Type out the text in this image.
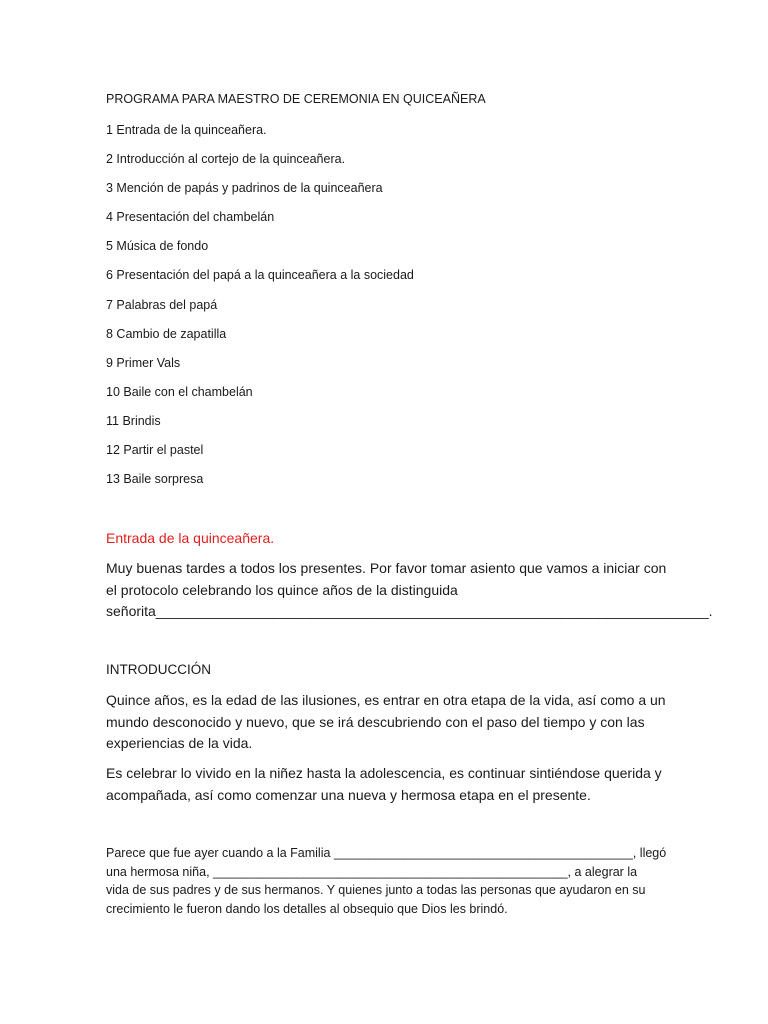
PROGRAMA PARA MAESTRO DE CEREMONIA EN QUICEAÑERA
1 Entrada de la quinceañera.
2 Introducción al cortejo de la quinceañera.
3 Mención de papás y padrinos de la quinceañera
4 Presentación del chambelán
5 Música de fondo
6 Presentación del papá a la quinceañera a la sociedad
7 Palabras del papá
8 Cambio de zapatilla
9 Primer Vals
10 Baile con el chambelán
11 Brindis
12 Partir el pastel
13 Baile sorpresa
Entrada de la quinceañera.
Muy buenas tardes a todos los presentes. Por favor tomar asiento que vamos a iniciar con
el protocolo celebrando los quince años de la distinguida
señorita_______________________________________________________________________.
INTRODUCCIÓN
Quince años, es la edad de las ilusiones, es entrar en otra etapa de la vida, así como a un
mundo desconocido y nuevo, que se irá descubriendo con el paso del tiempo y con las
experiencias de la vida.
Es celebrar lo vivido en la niñez hasta la adolescencia, es continuar sintiéndose querida y
acompañada, así como comenzar una nueva y hermosa etapa en el presente.
Parece que fue ayer cuando a la Familia ___________________________________________, llegó
una hermosa niña, ___________________________________________________, a alegrar la
vida de sus padres y de sus hermanos. Y quienes junto a todas las personas que ayudaron en su
crecimiento le fueron dando los detalles al obsequio que Dios les brindó.
